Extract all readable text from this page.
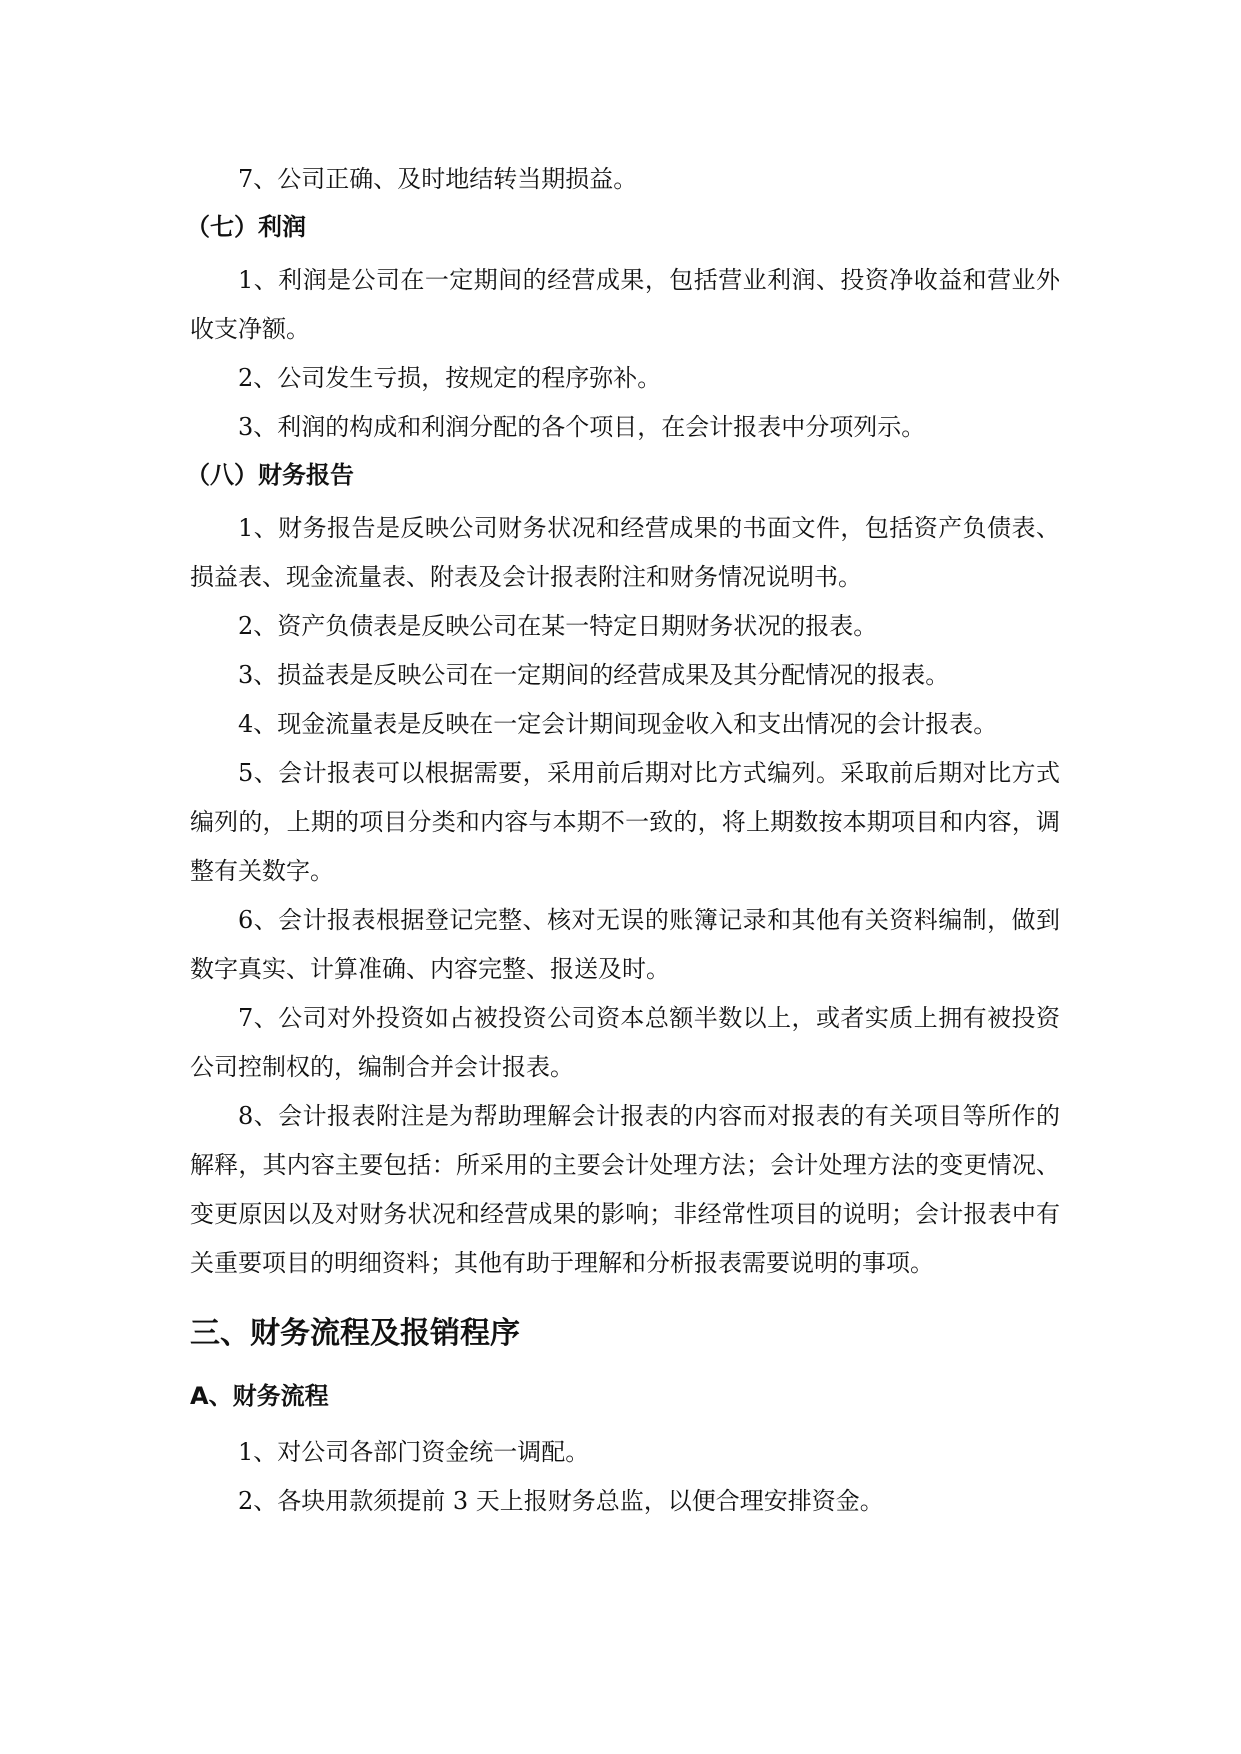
7、公司正确、及时地结转当期损益。

（七）利润

1、利润是公司在一定期间的经营成果，包括营业利润、投资净收益和营业外收支净额。

2、公司发生亏损，按规定的程序弥补。

3、利润的构成和利润分配的各个项目，在会计报表中分项列示。

（八）财务报告

1、财务报告是反映公司财务状况和经营成果的书面文件，包括资产负债表、损益表、现金流量表、附表及会计报表附注和财务情况说明书。

2、资产负债表是反映公司在某一特定日期财务状况的报表。

3、损益表是反映公司在一定期间的经营成果及其分配情况的报表。

4、现金流量表是反映在一定会计期间现金收入和支出情况的会计报表。

5、会计报表可以根据需要，采用前后期对比方式编列。采取前后期对比方式编列的，上期的项目分类和内容与本期不一致的，将上期数按本期项目和内容，调整有关数字。

6、会计报表根据登记完整、核对无误的账簿记录和其他有关资料编制，做到数字真实、计算准确、内容完整、报送及时。

7、公司对外投资如占被投资公司资本总额半数以上，或者实质上拥有被投资公司控制权的，编制合并会计报表。

8、会计报表附注是为帮助理解会计报表的内容而对报表的有关项目等所作的解释，其内容主要包括：所采用的主要会计处理方法；会计处理方法的变更情况、变更原因以及对财务状况和经营成果的影响；非经常性项目的说明；会计报表中有关重要项目的明细资料；其他有助于理解和分析报表需要说明的事项。

三、财务流程及报销程序
A、财务流程

1、对公司各部门资金统一调配。

2、各块用款须提前 3 天上报财务总监，以便合理安排资金。
